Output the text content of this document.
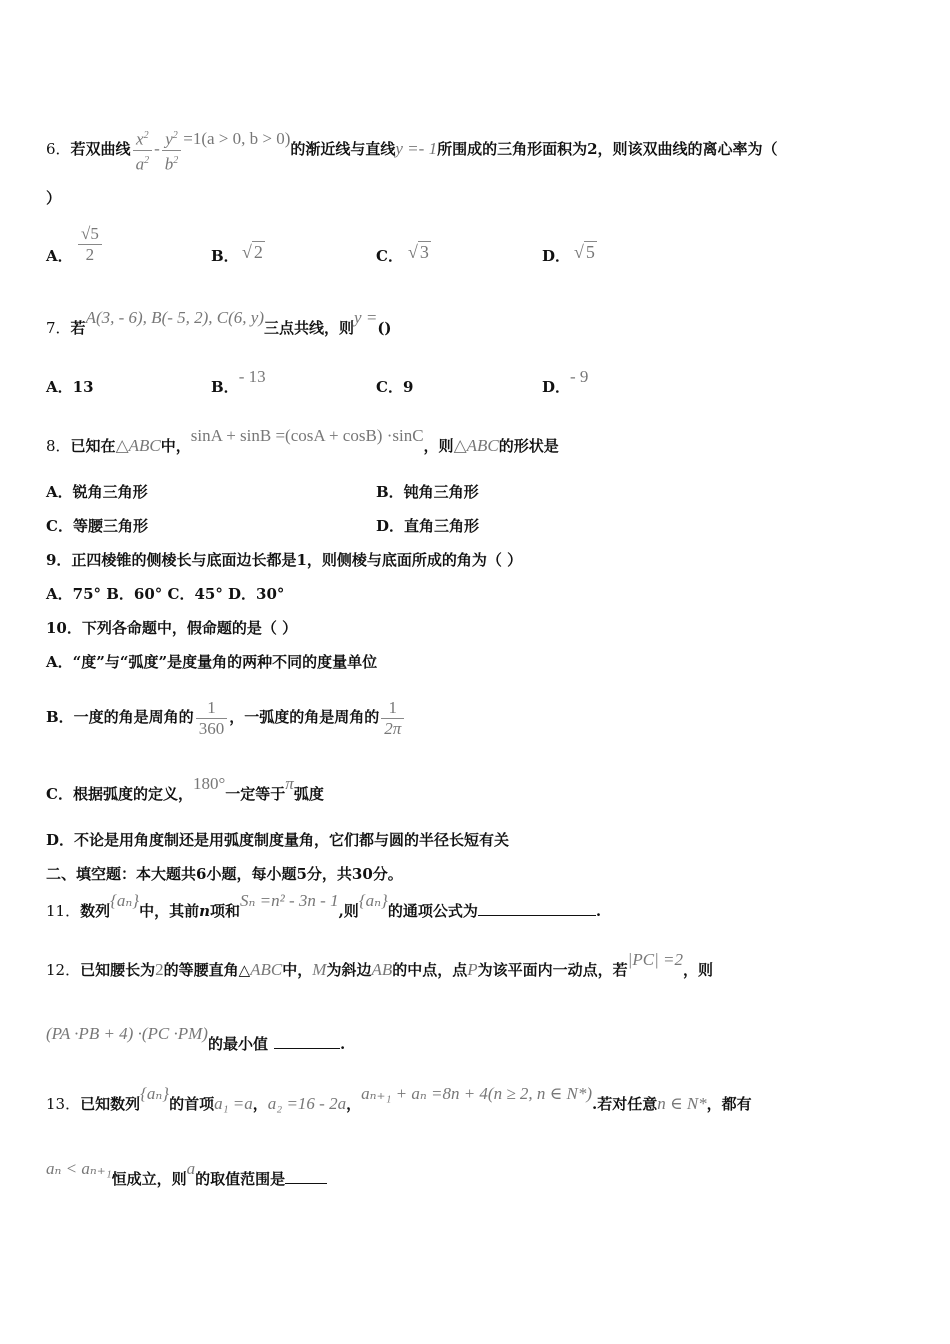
6．若双曲线 $\frac{x^2}{a^2} - \frac{y^2}{b^2} =1(a > 0$, b > 0)的渐近线与直线y =- 1所围成的三角形面积为2，则该双曲线的离心率为（
）
A． $\frac{√5}{2}$	B． √ 2	C． √ 3	D． √ 5
7．若A(3, - 6), B(- 5, 2), C(6, y)三点共线，则y =()
A．13	B．- 13
C．9	D．- 9
8．已知在△ABC中，sinA + sinB =(cosA + cosB) ·sinC，则△ABC的形状是
A．锐角三角形	B．钝角三角形
C．等腰三角形	D．直角三角形
9．正四棱锥的侧棱长与底面边长都是1，则侧棱与底面所成的角为（ ）
A．75° B．60° C．45° D．30°
10．下列各命题中，假命题的是（ ）
A．“度”与“弧度”是度量角的两种不同的度量单位
B．一度的角是周角的 $\frac{1}{360}$ ，一弧度的角是周角的 $\frac{1}{2\pi}$
C．根据弧度的定义，180°一定等于π弧度
D．不论是用角度制还是用弧度制度量角，它们都与圆的半径长短有关
二、填空题：本大题共6小题，每小题5分，共30分。
11．数列{aₙ}中，其前n项和Sₙ =n² - 3n - 1,则{aₙ}的通项公式为	.
12．已知腰长为2的等腰直角△ABC中，M为斜边AB的中点，点P为该平面内一动点，若|PC| =2，则
(PA ·PB + 4) ·(PC ·PM)的最小值	.
13．已知数列{aₙ}的首项a₁ =a，a₂ =16 - 2a，aₙ₊₁ + aₙ =8n + 4(n ≥ 2, n ∈ N*).若对任意n ∈ N*，都有
aₙ < aₙ₊₁恒成立，则a的取值范围是
